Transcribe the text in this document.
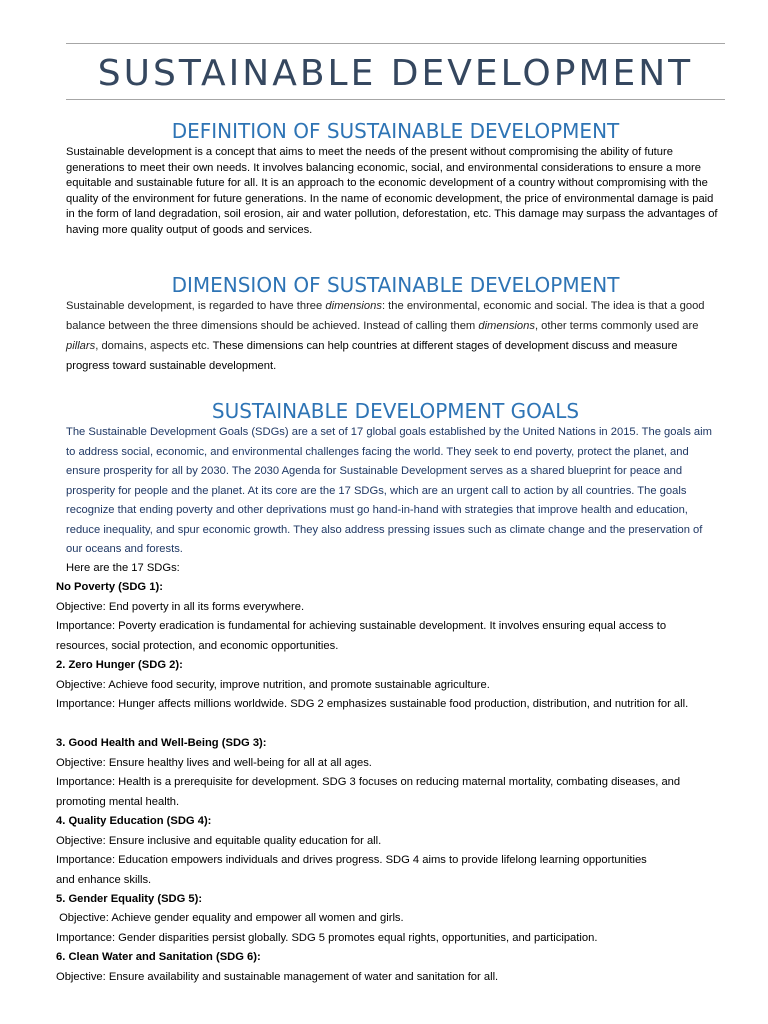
SUSTAINABLE DEVELOPMENT
DEFINITION OF SUSTAINABLE DEVELOPMENT
Sustainable development is a concept that aims to meet the needs of the present without compromising the ability of future generations to meet their own needs. It involves balancing economic, social, and environmental considerations to ensure a more equitable and sustainable future for all. It is an approach to the economic development of a country without compromising with the quality of the environment for future generations. In the name of economic development, the price of environmental damage is paid in the form of land degradation, soil erosion, air and water pollution, deforestation, etc. This damage may surpass the advantages of having more quality output of goods and services.
DIMENSION OF SUSTAINABLE DEVELOPMENT
Sustainable development, is regarded to have three dimensions: the environmental, economic and social. The idea is that a good balance between the three dimensions should be achieved. Instead of calling them dimensions, other terms commonly used are pillars, domains, aspects etc. These dimensions can help countries at different stages of development discuss and measure progress toward sustainable development.
SUSTAINABLE DEVELOPMENT GOALS
The Sustainable Development Goals (SDGs) are a set of 17 global goals established by the United Nations in 2015. The goals aim to address social, economic, and environmental challenges facing the world. They seek to end poverty, protect the planet, and ensure prosperity for all by 2030. The 2030 Agenda for Sustainable Development serves as a shared blueprint for peace and prosperity for people and the planet. At its core are the 17 SDGs, which are an urgent call to action by all countries. The goals recognize that ending poverty and other deprivations must go hand-in-hand with strategies that improve health and education, reduce inequality, and spur economic growth. They also address pressing issues such as climate change and the preservation of our oceans and forests.
Here are the 17 SDGs:
No Poverty (SDG 1):
Objective: End poverty in all its forms everywhere.
Importance: Poverty eradication is fundamental for achieving sustainable development. It involves ensuring equal access to resources, social protection, and economic opportunities.
2. Zero Hunger (SDG 2):
Objective: Achieve food security, improve nutrition, and promote sustainable agriculture.
Importance: Hunger affects millions worldwide. SDG 2 emphasizes sustainable food production, distribution, and nutrition for all.
3. Good Health and Well-Being (SDG 3):
Objective: Ensure healthy lives and well-being for all at all ages.
Importance: Health is a prerequisite for development. SDG 3 focuses on reducing maternal mortality, combating diseases, and promoting mental health.
4. Quality Education (SDG 4):
Objective: Ensure inclusive and equitable quality education for all.
Importance: Education empowers individuals and drives progress. SDG 4 aims to provide lifelong learning opportunities and enhance skills.
5. Gender Equality (SDG 5):
Objective: Achieve gender equality and empower all women and girls.
Importance: Gender disparities persist globally. SDG 5 promotes equal rights, opportunities, and participation.
6. Clean Water and Sanitation (SDG 6):
Objective: Ensure availability and sustainable management of water and sanitation for all.
